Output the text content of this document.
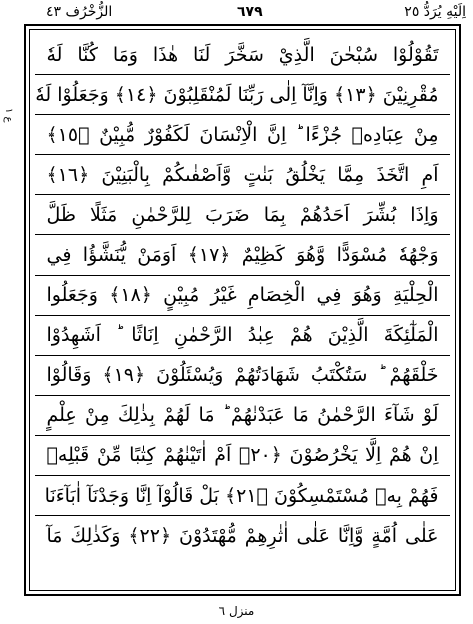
الزُّخْرُف ٤٣	٦٧٩	اِلَيْهِ يُرَدُّ ٢٥
ع ۱
تَقُوْلُوْا سُبْحٰنَ الَّذِيْ سَخَّرَ لَنَا هٰذَا وَمَا كُنَّا لَهٗ
مُقْرِنِيْنَ ﴿١٣﴾ وَاِنَّآ اِلٰى رَبِّنَا لَمُنْقَلِبُوْنَ ﴿١٤﴾ وَجَعَلُوْا لَهٗ
مِنْ عِبَادِهٖ جُزْءًا ؕ اِنَّ الْاِنْسَانَ لَكَفُوْرٌ مُّبِيْنٌ ﴿١٥﴾
اَمِ اتَّخَذَ مِمَّا يَخْلُقُ بَنٰتٍ وَّاَصْفٰىكُمْ بِالْبَنِيْنَ ﴿١٦﴾
وَاِذَا بُشِّرَ اَحَدُهُمْ بِمَا ضَرَبَ لِلرَّحْمٰنِ مَثَلًا ظَلَّ
وَجْهُهٗ مُسْوَدًّا وَّهُوَ كَظِيْمٌ ﴿١٧﴾ اَوَمَنْ يُّنَشَّؤُا فِي
الْحِلْيَةِ وَهُوَ فِي الْخِصَامِ غَيْرُ مُبِيْنٍ ﴿١٨﴾ وَجَعَلُوا
الْمَلٰٓئِكَةَ الَّذِيْنَ هُمْ عِبٰدُ الرَّحْمٰنِ اِنَاثًا ؕ اَشَهِدُوْا
خَلْقَهُمْ ؕ سَتُكْتَبُ شَهَادَتُهُمْ وَيُسْئَلُوْنَ ﴿١٩﴾ وَقَالُوْا
لَوْ شَآءَ الرَّحْمٰنُ مَا عَبَدْنٰهُمْ ؕ مَا لَهُمْ بِذٰلِكَ مِنْ عِلْمٍ
اِنْ هُمْ اِلَّا يَخْرُصُوْنَ ﴿٢٠﴾ اَمْ اٰتَيْنٰهُمْ كِتٰبًا مِّنْ قَبْلِهٖ
فَهُمْ بِهٖ مُسْتَمْسِكُوْنَ ﴿٢١﴾ بَلْ قَالُوْآ اِنَّا وَجَدْنَآ اٰبَآءَنَا
عَلٰى اُمَّةٍ وَّاِنَّا عَلٰى اٰثٰرِهِمْ مُّهْتَدُوْنَ ﴿٢٢﴾ وَكَذٰلِكَ مَآ
منزل ٦
